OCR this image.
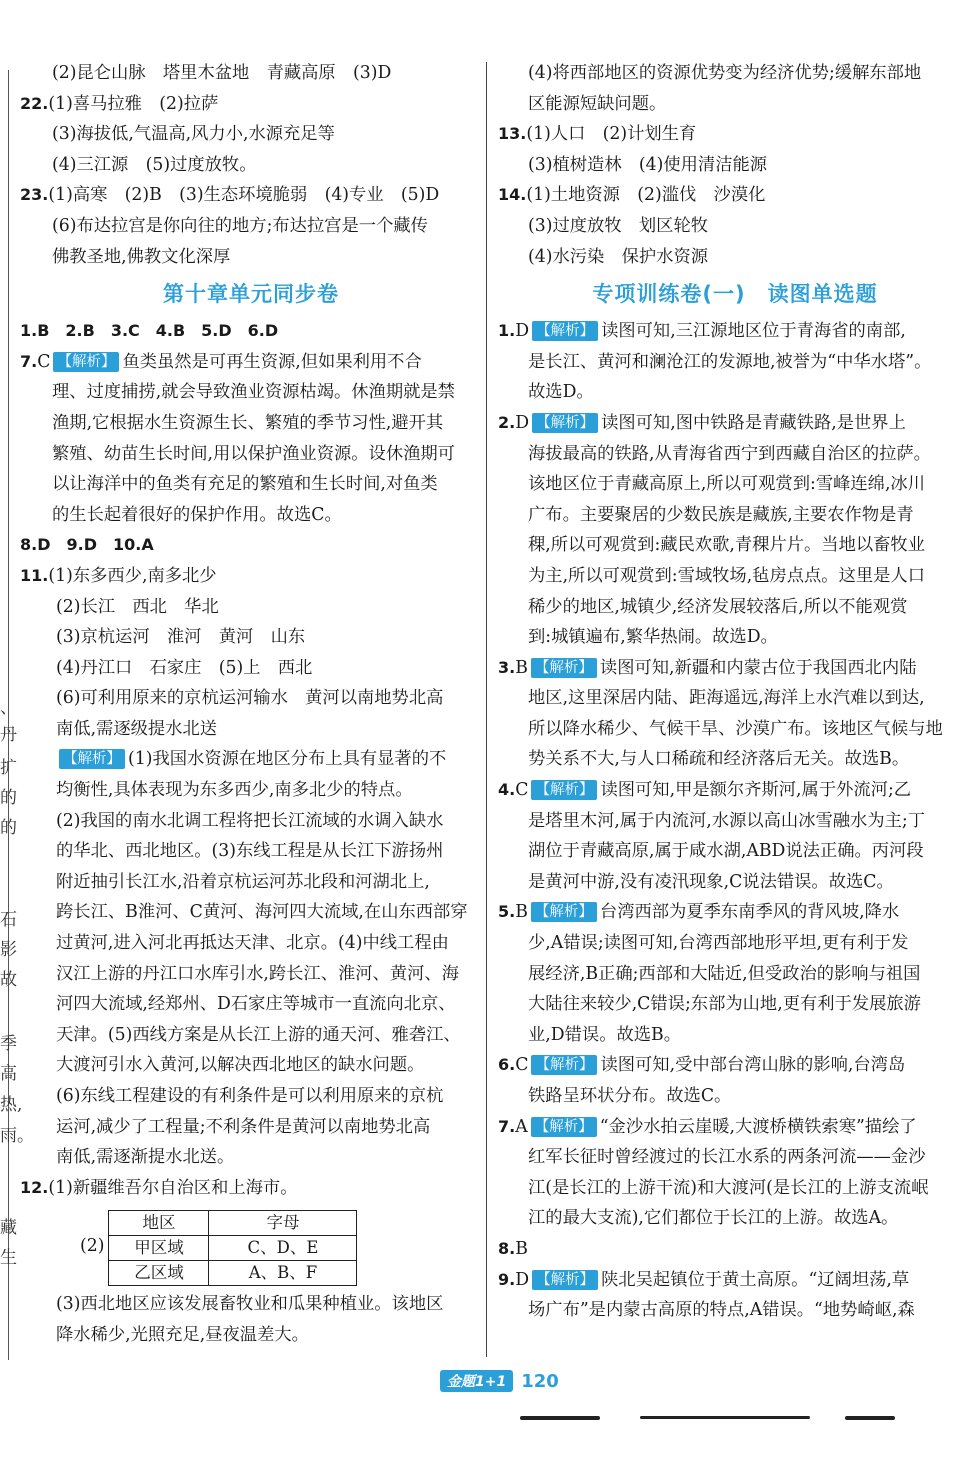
、
丹
扩
的
的
石
影
故
季
高
热,
雨。
藏
生
(2)昆仑山脉　塔里木盆地　青藏高原　(3)D
22.(1)喜马拉雅　(2)拉萨
(3)海拔低,气温高,风力小,水源充足等
(4)三江源　(5)过度放牧。
23.(1)高寒　(2)B　(3)生态环境脆弱　(4)专业　(5)D
(6)布达拉宫是你向往的地方;布达拉宫是一个藏传
佛教圣地,佛教文化深厚
第十章单元同步卷
1.B　2.B　3.C　4.B　5.D　6.D
7.C 【解析】 鱼类虽然是可再生资源,但如果利用不合
理、过度捕捞,就会导致渔业资源枯竭。休渔期就是禁
渔期,它根据水生资源生长、繁殖的季节习性,避开其
繁殖、幼苗生长时间,用以保护渔业资源。设休渔期可
以让海洋中的鱼类有充足的繁殖和生长时间,对鱼类
的生长起着很好的保护作用。故选C。
8.D　9.D　10.A
11.(1)东多西少,南多北少
(2)长江　西北　华北
(3)京杭运河　淮河　黄河　山东
(4)丹江口　石家庄　(5)上　西北
(6)可利用原来的京杭运河输水　黄河以南地势北高
南低,需逐级提水北送
【解析】 (1)我国水资源在地区分布上具有显著的不
均衡性,具体表现为东多西少,南多北少的特点。
(2)我国的南水北调工程将把长江流域的水调入缺水
的华北、西北地区。(3)东线工程是从长江下游扬州
附近抽引长江水,沿着京杭运河苏北段和河湖北上,
跨长江、B淮河、C黄河、海河四大流域,在山东西部穿
过黄河,进入河北再抵达天津、北京。(4)中线工程由
汉江上游的丹江口水库引水,跨长江、淮河、黄河、海
河四大流域,经郑州、D石家庄等城市一直流向北京、
天津。(5)西线方案是从长江上游的通天河、雅砻江、
大渡河引水入黄河,以解决西北地区的缺水问题。
(6)东线工程建设的有利条件是可以利用原来的京杭
运河,减少了工程量;不利条件是黄河以南地势北高
南低,需逐渐提水北送。
12.(1)新疆维吾尔自治区和上海市。
(2)
地区	字母
甲区域	C、D、E
乙区域	A、B、F
(3)西北地区应该发展畜牧业和瓜果种植业。该地区
降水稀少,光照充足,昼夜温差大。
(4)将西部地区的资源优势变为经济优势;缓解东部地
区能源短缺问题。
13.(1)人口　(2)计划生育
(3)植树造林　(4)使用清洁能源
14.(1)土地资源　(2)滥伐　沙漠化
(3)过度放牧　划区轮牧
(4)水污染　保护水资源
专项训练卷(一) 读图单选题
1.D 【解析】 读图可知,三江源地区位于青海省的南部,
是长江、黄河和澜沧江的发源地,被誉为“中华水塔”。
故选D。
2.D 【解析】 读图可知,图中铁路是青藏铁路,是世界上
海拔最高的铁路,从青海省西宁到西藏自治区的拉萨。
该地区位于青藏高原上,所以可观赏到:雪峰连绵,冰川
广布。主要聚居的少数民族是藏族,主要农作物是青
稞,所以可观赏到:藏民欢歌,青稞片片。当地以畜牧业
为主,所以可观赏到:雪域牧场,毡房点点。这里是人口
稀少的地区,城镇少,经济发展较落后,所以不能观赏
到:城镇遍布,繁华热闹。故选D。
3.B 【解析】 读图可知,新疆和内蒙古位于我国西北内陆
地区,这里深居内陆、距海遥远,海洋上水汽难以到达,
所以降水稀少、气候干旱、沙漠广布。该地区气候与地
势关系不大,与人口稀疏和经济落后无关。故选B。
4.C 【解析】 读图可知,甲是额尔齐斯河,属于外流河;乙
是塔里木河,属于内流河,水源以高山冰雪融水为主;丁
湖位于青藏高原,属于咸水湖,ABD说法正确。丙河段
是黄河中游,没有凌汛现象,C说法错误。故选C。
5.B 【解析】 台湾西部为夏季东南季风的背风坡,降水
少,A错误;读图可知,台湾西部地形平坦,更有利于发
展经济,B正确;西部和大陆近,但受政治的影响与祖国
大陆往来较少,C错误;东部为山地,更有利于发展旅游
业,D错误。故选B。
6.C 【解析】 读图可知,受中部台湾山脉的影响,台湾岛
铁路呈环状分布。故选C。
7.A 【解析】 “金沙水拍云崖暖,大渡桥横铁索寒”描绘了
红军长征时曾经渡过的长江水系的两条河流——金沙
江(是长江的上游干流)和大渡河(是长江的上游支流岷
江的最大支流),它们都位于长江的上游。故选A。
8.B
9.D 【解析】 陕北吴起镇位于黄土高原。“辽阔坦荡,草
场广布”是内蒙古高原的特点,A错误。“地势崎岖,森
金题1+1 120
